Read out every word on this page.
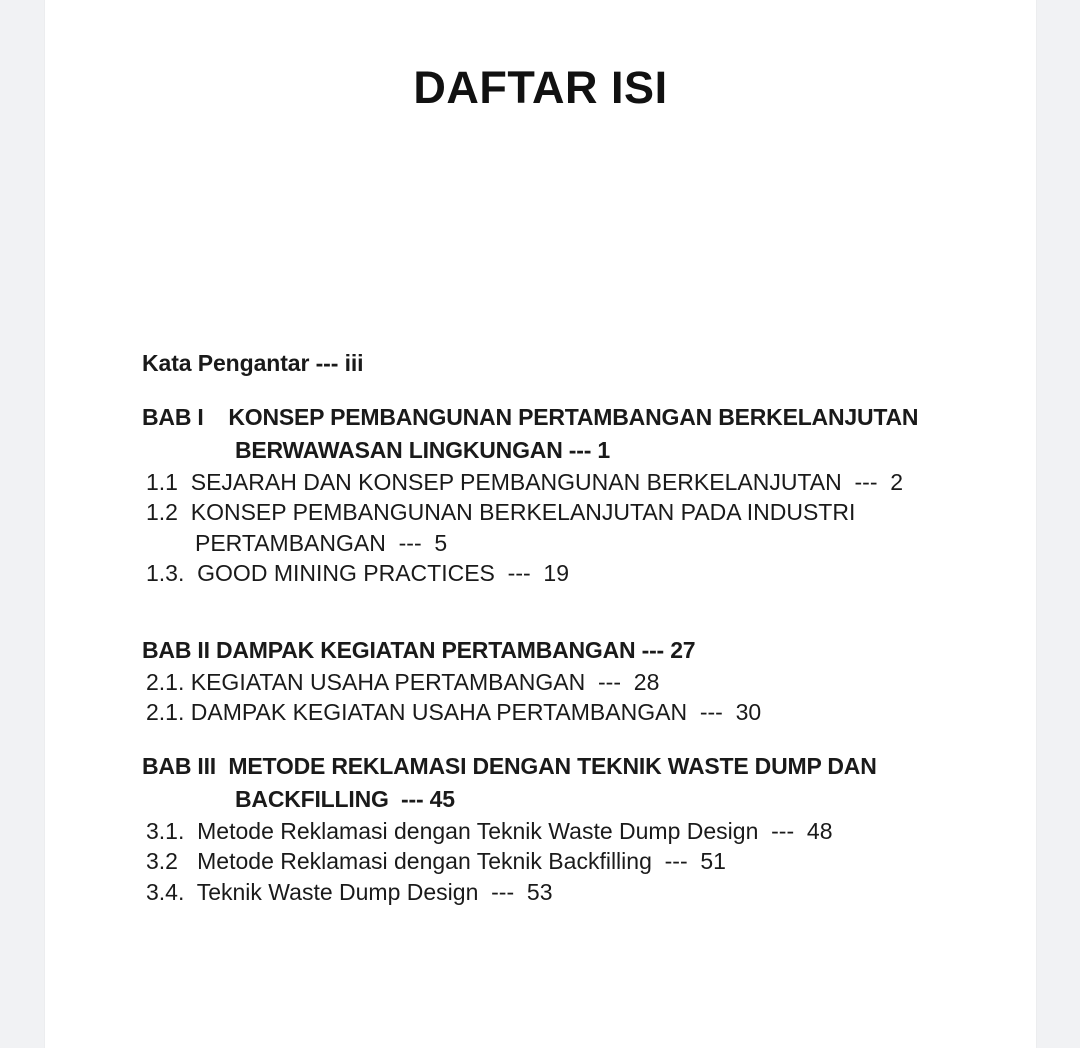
DAFTAR ISI
Kata Pengantar --- iii
BAB I    KONSEP PEMBANGUNAN PERTAMBANGAN BERKELANJUTAN
BERWAWASAN LINGKUNGAN --- 1
1.1  SEJARAH DAN KONSEP PEMBANGUNAN BERKELANJUTAN  ---  2
1.2  KONSEP PEMBANGUNAN BERKELANJUTAN PADA INDUSTRI
PERTAMBANGAN  ---  5
1.3.  GOOD MINING PRACTICES  ---  19
BAB II DAMPAK KEGIATAN PERTAMBANGAN --- 27
2.1. KEGIATAN USAHA PERTAMBANGAN  ---  28
2.1. DAMPAK KEGIATAN USAHA PERTAMBANGAN  ---  30
BAB III  METODE REKLAMASI DENGAN TEKNIK WASTE DUMP DAN
BACKFILLING  --- 45
3.1.  Metode Reklamasi dengan Teknik Waste Dump Design  ---  48
3.2   Metode Reklamasi dengan Teknik Backfilling  ---  51
3.4.  Teknik Waste Dump Design  ---  53
